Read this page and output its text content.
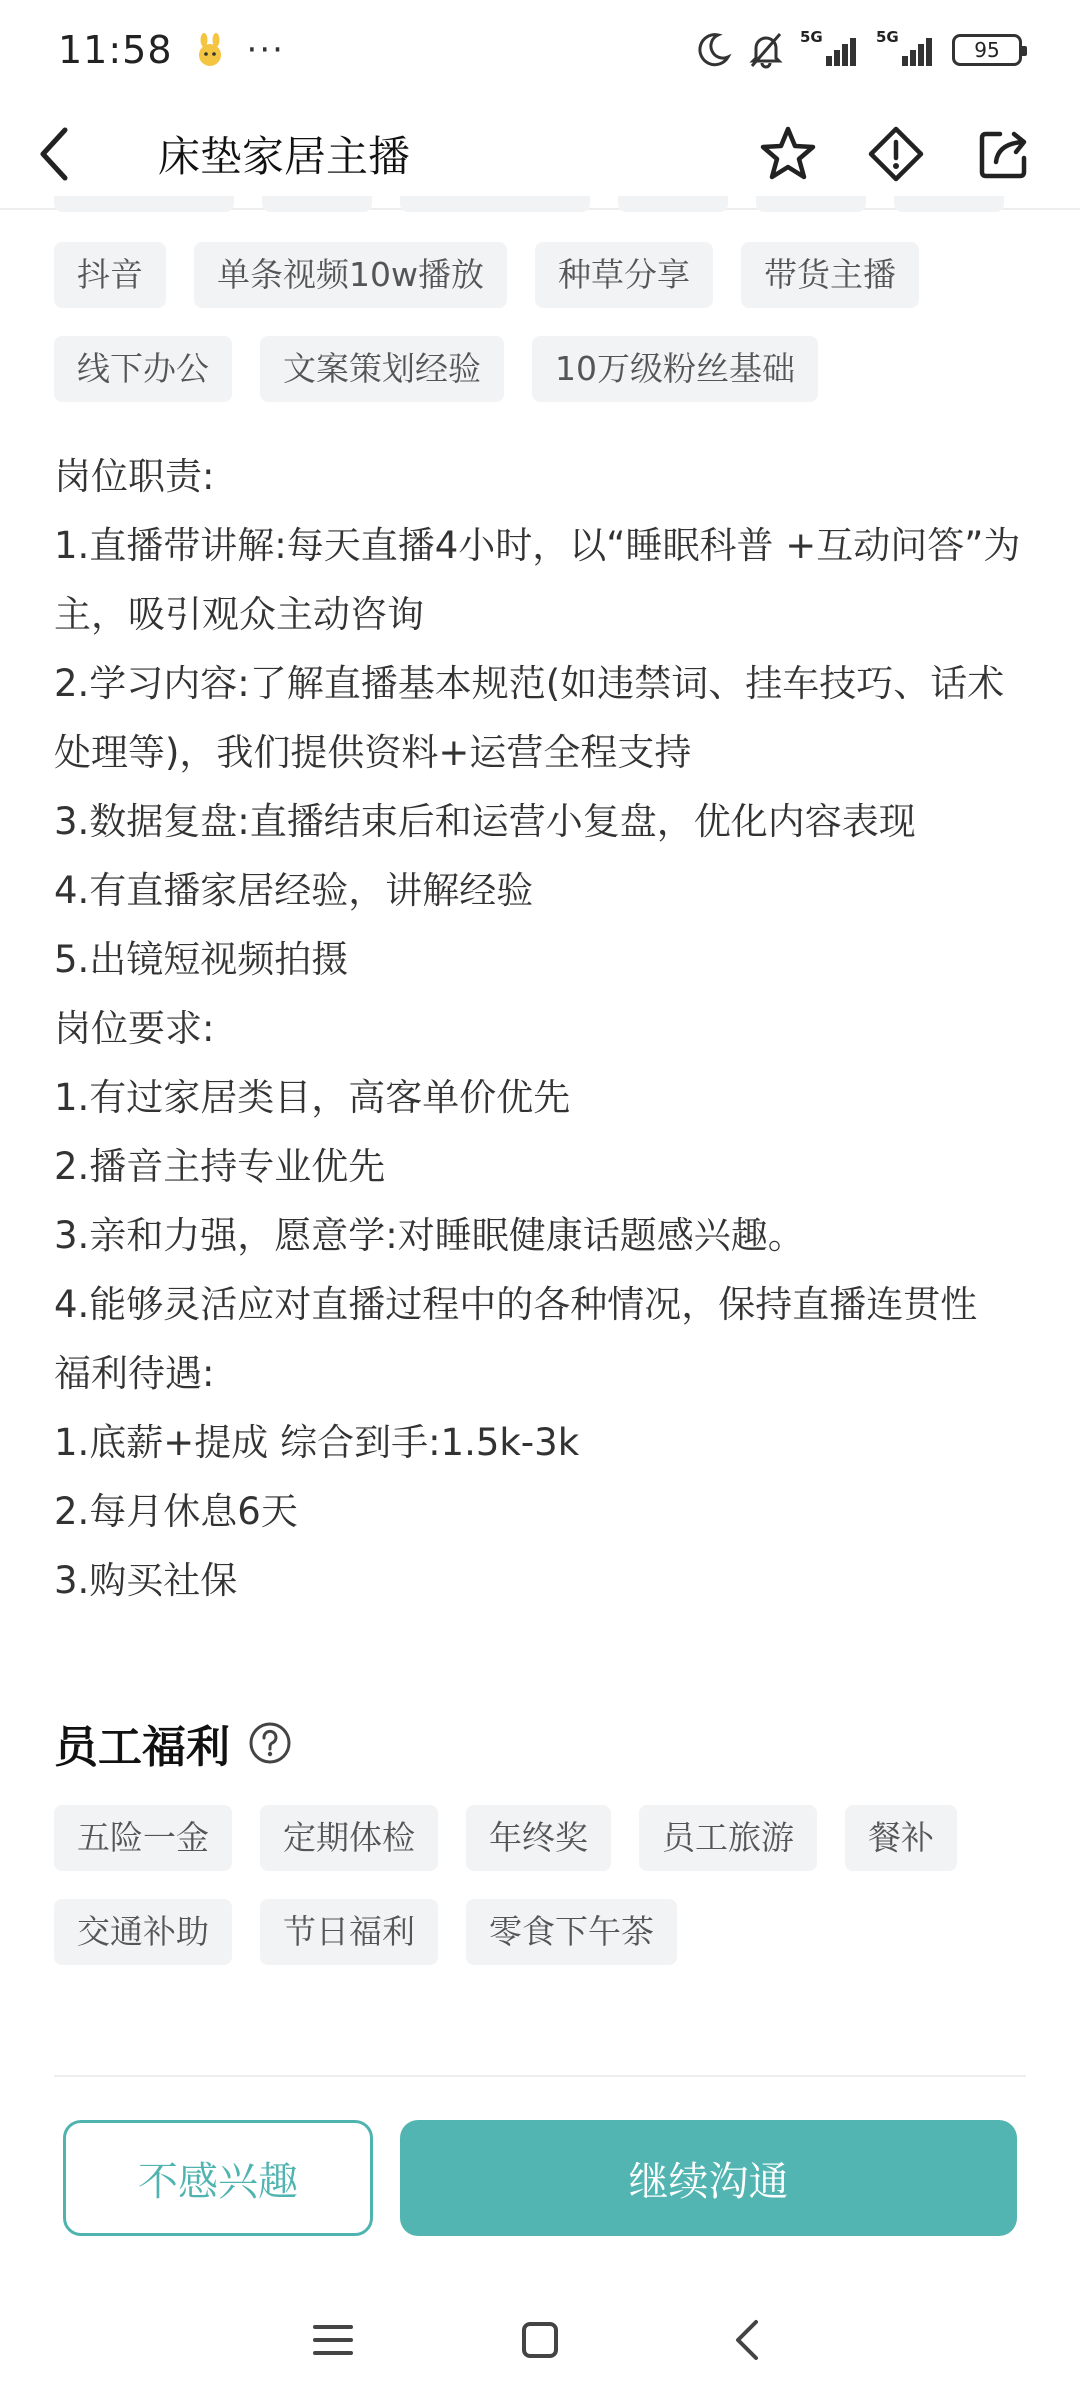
11:58 ···	5G	5G
95
床垫家居主播
抖音	单条视频10w播放	种草分享	带货主播
线下办公	文案策划经验	10万级粉丝基础

岗位职责:

1.直播带讲解:每天直播4小时，以“睡眠科普 +互动问答”为主，吸引观众主动咨询

2.学习内容:了解直播基本规范(如违禁词、挂车技巧、话术处理等)，我们提供资料+运营全程支持

3.数据复盘:直播结束后和运营小复盘，优化内容表现

4.有直播家居经验，讲解经验

5.出镜短视频拍摄

岗位要求:

1.有过家居类目，高客单价优先

2.播音主持专业优先

3.亲和力强，愿意学:对睡眠健康话题感兴趣。

4.能够灵活应对直播过程中的各种情况，保持直播连贯性

福利待遇:

1.底薪+提成 综合到手:1.5k-3k

2.每月休息6天

3.购买社保

员工福利
五险一金	定期体检	年终奖	员工旅游	餐补
交通补助	节日福利	零食下午茶
不感兴趣	继续沟通
